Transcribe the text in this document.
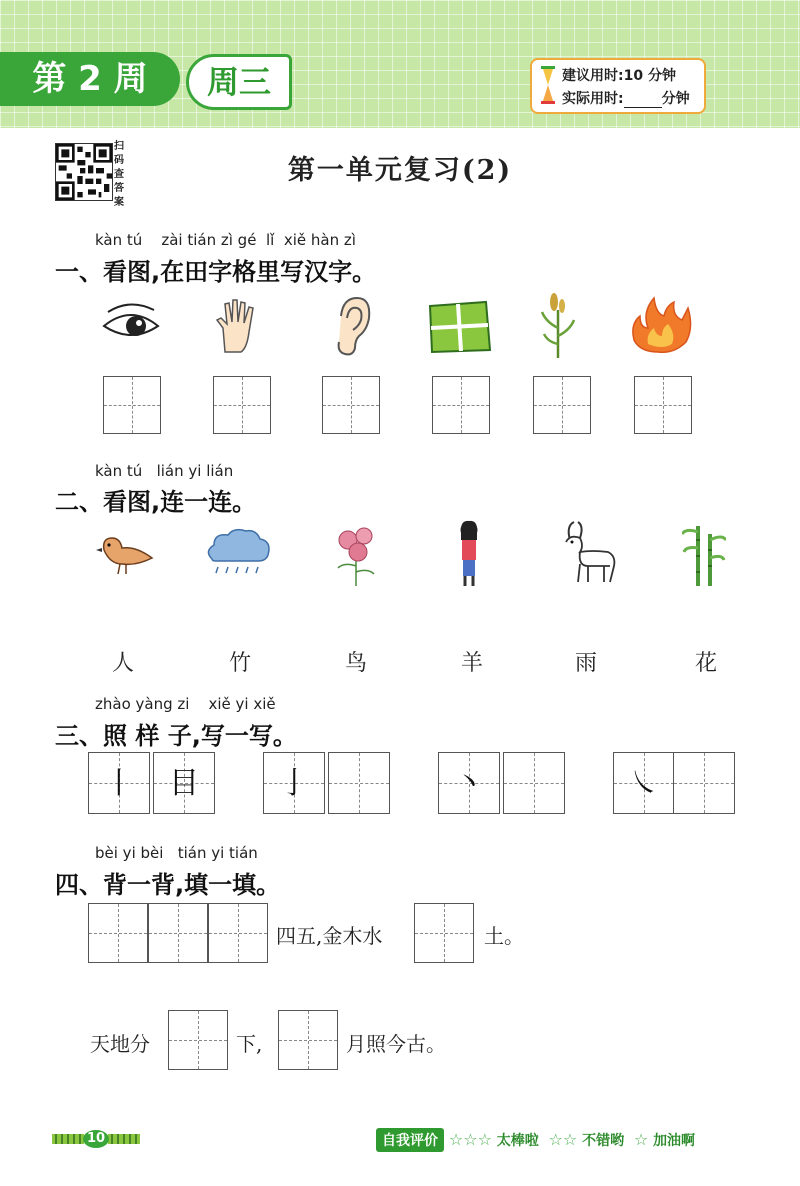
第 2 周	周三	建议用时:10 分钟
实际用时:	分钟
扫码查答案
第一单元复习(2)
kàn tú    zài tián zì gé  lǐ  xiě hàn zì
一、看图,在田字格里写汉字。
kàn tú   lián yi lián
二、看图,连一连。
人	竹	鸟	羊	雨	花
zhào yàng zi    xiě yi xiě
三、照 样 子,写一写。
丨	目	亅	丶	㇏
bèi yi bèi   tián yi tián
四、背一背,填一填。
四五,金木水	土。
天地分	下,	月照今古。
10	自我评价 ☆☆☆ 太棒啦 ☆☆ 不错哟 ☆ 加油啊
